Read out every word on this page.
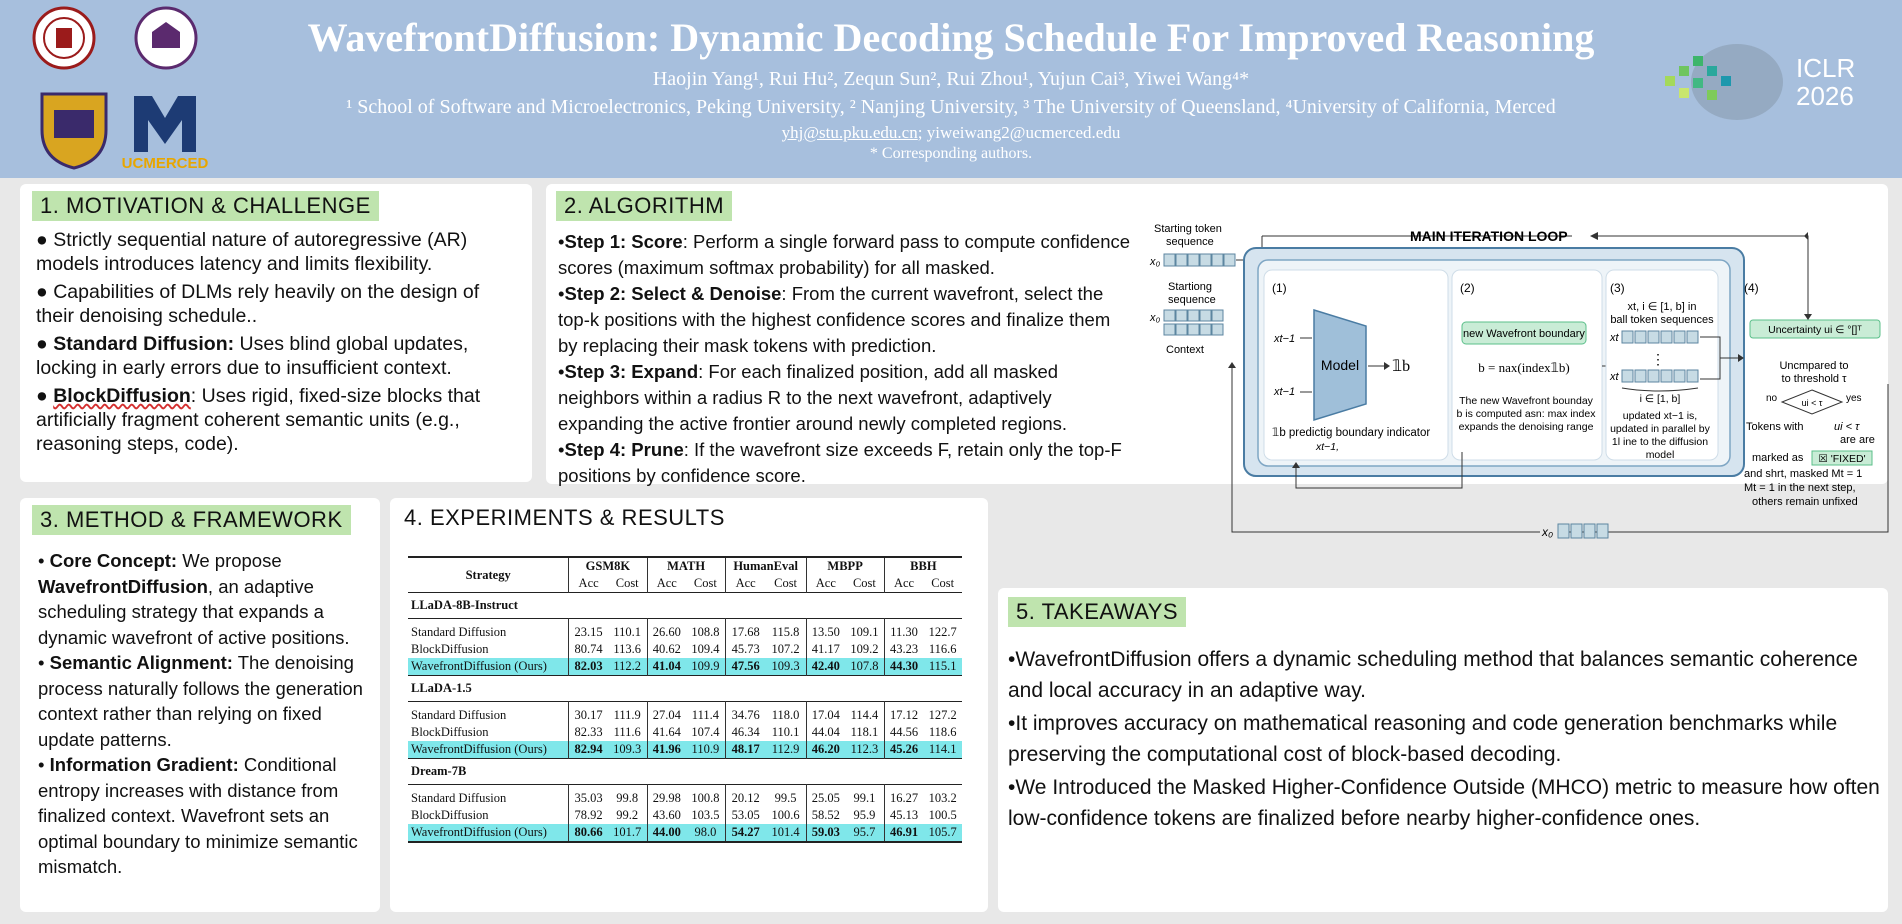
UCMERCED
ICLR
2026
WavefrontDiffusion: Dynamic Decoding Schedule For Improved Reasoning
Haojin Yang¹, Rui Hu², Zequn Sun², Rui Zhou¹, Yujun Cai³, Yiwei Wang⁴*
¹ School of Software and Microelectronics, Peking University, ² Nanjing University, ³ The University of Queensland, ⁴University of California, Merced
yhj@stu.pku.edu.cn; yiweiwang2@ucmerced.edu
* Corresponding authors.
1. MOTIVATION & CHALLENGE

● Strictly sequential nature of autoregressive (AR) models introduces latency and limits flexibility.

● Capabilities of DLMs rely heavily on the design of their denoising schedule..

● Standard Diffusion: Uses blind global updates, locking in early errors due to insufficient context.

● BlockDiffusion: Uses rigid, fixed-size blocks that artificially fragment coherent semantic units (e.g., reasoning steps, code).

2. ALGORITHM
•Step 1: Score: Perform a single forward pass to compute confidence scores (maximum softmax probability) for all masked.
•Step 2: Select & Denoise: From the current wavefront, select the top-k positions with the highest confidence scores and finalize them by replacing their mask tokens with prediction.
•Step 3: Expand: For each finalized position, add all masked neighbors within a radius R to the next wavefront, adaptively expanding the active frontier around newly completed regions.
•Step 4: Prune: If the wavefront size exceeds F, retain only the top-F positions by confidence score.
Starting token
sequence
x₀
MAIN ITERATION LOOP
Startiong
sequence
x₀
Context
(1)
xt−1
xt−1
Model 𝟙b
𝟙b predictig boundary indicator
xt−1,
(2)
new Wavefront boundary
b = nax(index𝟙b)
The new Wavefront bounday
b is computed asn: max index
expands the denoising range
(3)
xt, i ∈ [1, b] in
ball token sequences
xt
⋮
xt
i ∈ [1, b]
updated xt−1 is,
updated in parallel by
1l ine to the diffusion
model
(4)
Uncertainty ui ∈ °[]ᵀ
Uncmpared to
to threshold τ
ui < τ
no	yes
Tokens with	ui < τ
are are
marked as ☒ 'FIXED'
and shrt, masked Mt = 1
Mt = 1 in the next step,
others remain unfixed
x₀
3. METHOD & FRAMEWORK
• Core Concept: We propose WavefrontDiffusion, an adaptive scheduling strategy that expands a dynamic wavefront of active positions.
• Semantic Alignment: The denoising process naturally follows the generation context rather than relying on fixed update patterns.
• Information Gradient: Conditional entropy increases with distance from finalized context. Wavefront sets an optimal boundary to minimize semantic mismatch.
4. EXPERIMENTS & RESULTS
Strategy	GSM8K		MATH		HumanEval		MBPP		BBH	
	Acc	Cost	Acc	Cost	Acc	Cost	Acc	Cost	Acc	Cost
LLaDA-8B-Instruct										
Standard Diffusion	23.15	110.1	26.60	108.8	17.68	115.8	13.50	109.1	11.30	122.7
BlockDiffusion	80.74	113.6	40.62	109.4	45.73	107.2	41.17	109.2	43.23	116.6
WavefrontDiffusion (Ours)	82.03	112.2	41.04	109.9	47.56	109.3	42.40	107.8	44.30	115.1
LLaDA-1.5										
Standard Diffusion	30.17	111.9	27.04	111.4	34.76	118.0	17.04	114.4	17.12	127.2
BlockDiffusion	82.33	111.6	41.64	107.4	46.34	110.1	44.04	118.1	44.56	118.6
WavefrontDiffusion (Ours)	82.94	109.3	41.96	110.9	48.17	112.9	46.20	112.3	45.26	114.1
Dream-7B										
Standard Diffusion	35.03	99.8	29.98	100.8	20.12	99.5	25.05	99.1	16.27	103.2
BlockDiffusion	78.92	99.2	43.60	103.5	53.05	100.6	58.52	95.9	45.13	100.5
WavefrontDiffusion (Ours)	80.66	101.7	44.00	98.0	54.27	101.4	59.03	95.7	46.91	105.7
5. TAKEAWAYS

•WavefrontDiffusion offers a dynamic scheduling method that balances semantic coherence and local accuracy in an adaptive way.

•It improves accuracy on mathematical reasoning and code generation benchmarks while preserving the computational cost of block-based decoding.

•We Introduced the Masked Higher-Confidence Outside (MHCO) metric to measure how often low-confidence tokens are finalized before nearby higher-confidence ones.
